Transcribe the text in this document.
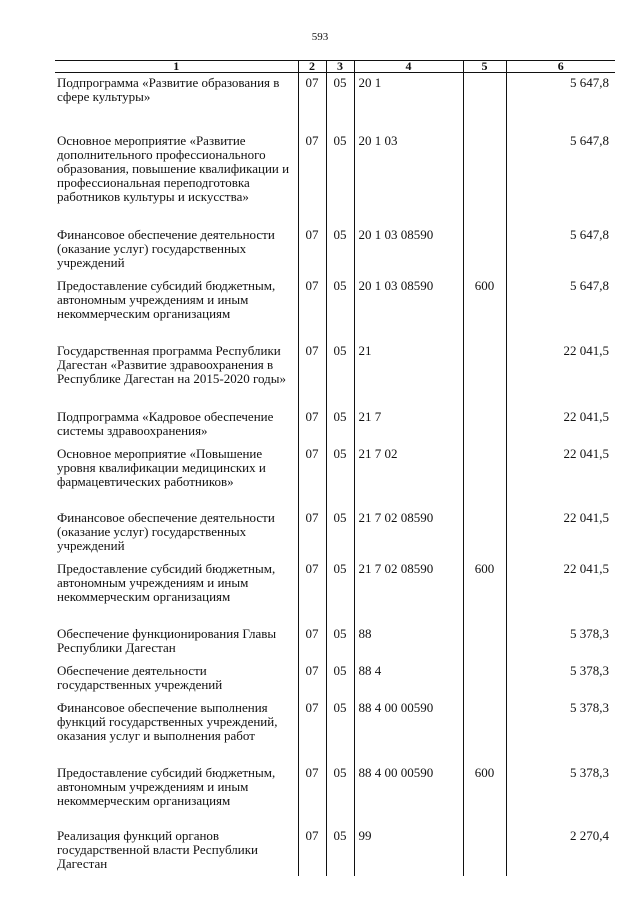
593
1	2	3	4	5	6
Подпрограмма «Развитие образования в сфере культуры»	07	05	20 1		5 647,8
Основное мероприятие «Развитие дополнительного профессионального образования, повышение квалификации и профессиональная переподготовка работников культуры и искусства»	07	05	20 1 03		5 647,8
Финансовое обеспечение деятельности (оказание услуг) государственных учреждений	07	05	20 1 03 08590		5 647,8
Предоставление субсидий бюджетным, автономным учреждениям и иным некоммерческим организациям	07	05	20 1 03 08590	600	5 647,8
Государственная программа Республики Дагестан «Развитие здравоохранения в Республике Дагестан на 2015-2020 годы»	07	05	21		22 041,5
Подпрограмма «Кадровое обеспечение системы здравоохранения»	07	05	21 7		22 041,5
Основное мероприятие «Повышение уровня квалификации медицинских и фармацевтических работников»	07	05	21 7 02		22 041,5
Финансовое обеспечение деятельности (оказание услуг) государственных учреждений	07	05	21 7 02 08590		22 041,5
Предоставление субсидий бюджетным, автономным учреждениям и иным некоммерческим организациям	07	05	21 7 02 08590	600	22 041,5
Обеспечение функционирования Главы Республики Дагестан	07	05	88		5 378,3
Обеспечение деятельности государственных учреждений	07	05	88 4		5 378,3
Финансовое обеспечение выполнения функций государственных учреждений, оказания услуг и выполнения работ	07	05	88 4 00 00590		5 378,3
Предоставление субсидий бюджетным, автономным учреждениям и иным некоммерческим организациям	07	05	88 4 00 00590	600	5 378,3
Реализация функций органов государственной власти Республики Дагестан	07	05	99		2 270,4
